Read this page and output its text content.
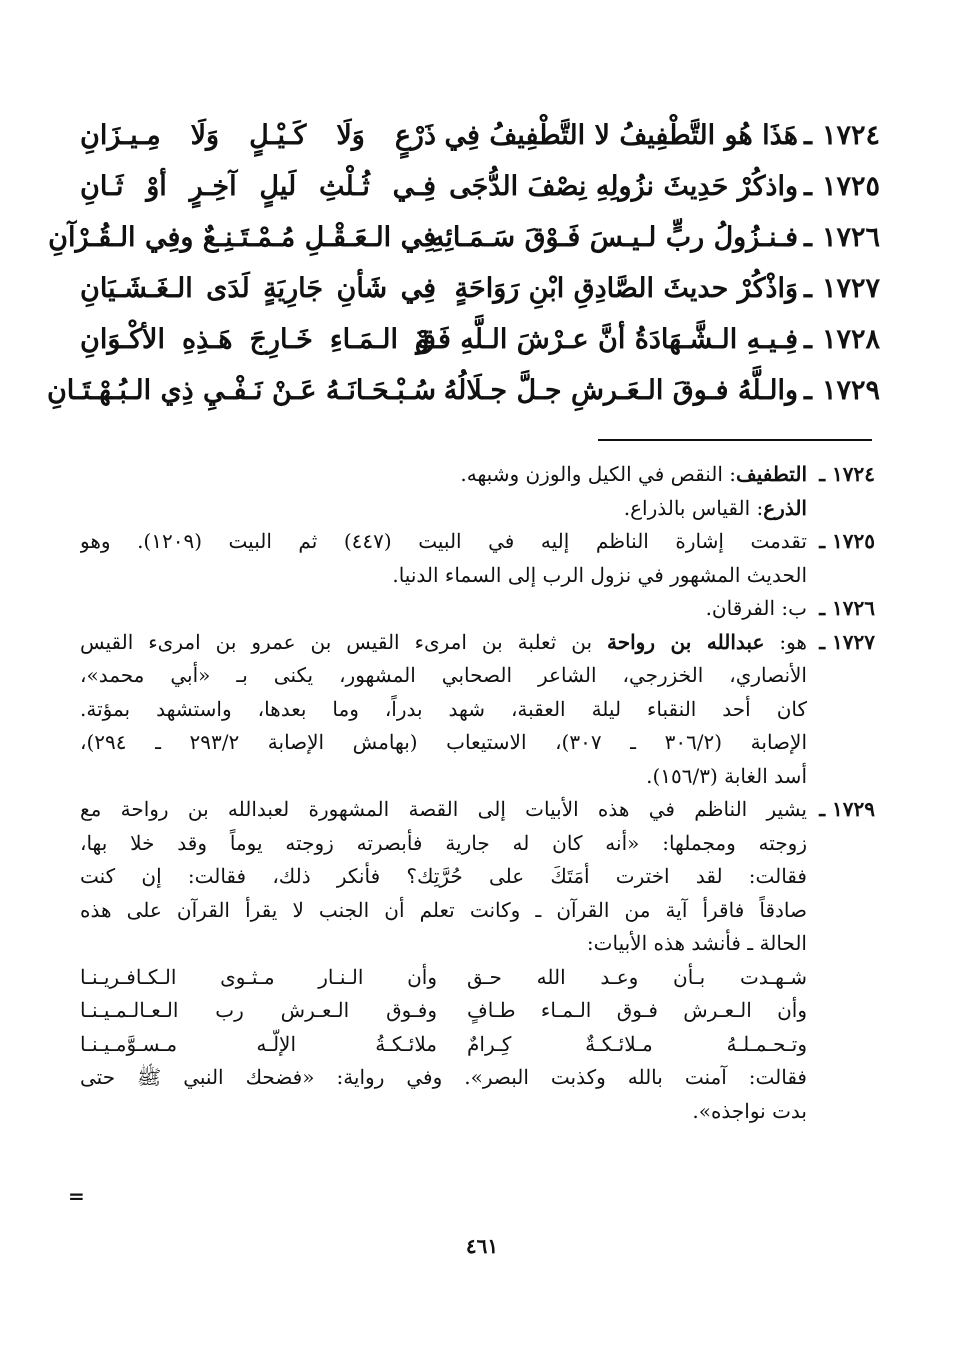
١٧٢٤
ـ
هَذَا هُو التَّطْفِيفُ لا التَّطْفِيفُ فِي
ذَرْعٍ وَلَا كَـيْـلٍ وَلَا مِـيـزَانِ
١٧٢٥
ـ
واذكُرْ حَدِيثَ نزُولِهِ نِصْفَ الدُّجَى
فِـي ثُـلْثِ لَيلٍ آخِـرٍ أوْ ثَـانِ
١٧٢٦
ـ
فـنـزُولُ ربٍّ لـيـسَ فَـوْقَ سَـمَـائِهِ
فِي الـعَـقْـلِ مُـمْـتَـنِـعٌ وفِي الـقُـرْآنِ
١٧٢٧
ـ
وَاذْكُرْ حديثَ الصَّادِقِ ابْنِ رَوَاحَةٍ
فِي شَأنِ جَارِيَةٍ لَدَى الـغَـشَـيَانِ
١٧٢٨
ـ
فِـيـهِ الـشَّـهَادَةُ أنَّ عـرْشَ الـلَّهِ فَـوْ
قَ الـمَـاءِ خَـارِجَ هَـذِهِ الأكْـوَانِ
١٧٢٩
ـ
والـلَّهُ فـوقَ الـعَـرشِ جـلَّ جـلَالُهُ
سُـبْـحَـانَـهُ عَـنْ نَـفْـيِ ذِي الـبُـهْـتَـانِ
١٧٢٤ ـ
التطفيف: النقص في الكيل والوزن وشبهه.
الذرع: القياس بالذراع.
١٧٢٥ ـ
تقدمت إشارة الناظم إليه في البيت (٤٤٧) ثم البيت (١٢٠٩). وهو
الحديث المشهور في نزول الرب إلى السماء الدنيا.
١٧٢٦ ـ
ب: الفرقان.
١٧٢٧ ـ
هو: عبدالله بن رواحة بن ثعلبة بن امرىء القيس بن عمرو بن امرىء القيس
الأنصاري، الخزرجي، الشاعر الصحابي المشهور، يكنى بـ «أبي محمد»،
كان أحد النقباء ليلة العقبة، شهد بدراً، وما بعدها، واستشهد بمؤتة.
الإصابة (٣٠٦/٢ ـ ٣٠٧)، الاستيعاب (بهامش الإصابة ٢٩٣/٢ ـ ٢٩٤)،
أسد الغابة (١٥٦/٣).
١٧٢٩ ـ
يشير الناظم في هذه الأبيات إلى القصة المشهورة لعبدالله بن رواحة مع
زوجته ومجملها: «أنه كان له جارية فأبصرته زوجته يوماً وقد خلا بها،
فقالت: لقد اخترت أمَتَكَ على حُرَّتِك؟ فأنكر ذلك، فقالت: إن كنت
صادقاً فاقرأ آية من القرآن ـ وكانت تعلم أن الجنب لا يقرأ القرآن على هذه
الحالة ـ فأنشد هذه الأبيات:
شـهـدت بـأن وعـد الله حـق
وأن الـنـار مـثـوى الـكـافـريـنـا
وأن الـعـرش فـوق الـمـاء طـافٍ
وفـوق الـعـرش رب الـعـالـمـيـنـا
وتـحـمـلـهُ مـلائـكـةٌ كِـرامٌ
ملائـكـةُ الإلّـه مـسـوَّمـيـنـا
فقالت: آمنت بالله وكذبت البصر». وفي رواية: «فضحك النبي ﷺ حتى
بدت نواجذه».
=
٤٦١
